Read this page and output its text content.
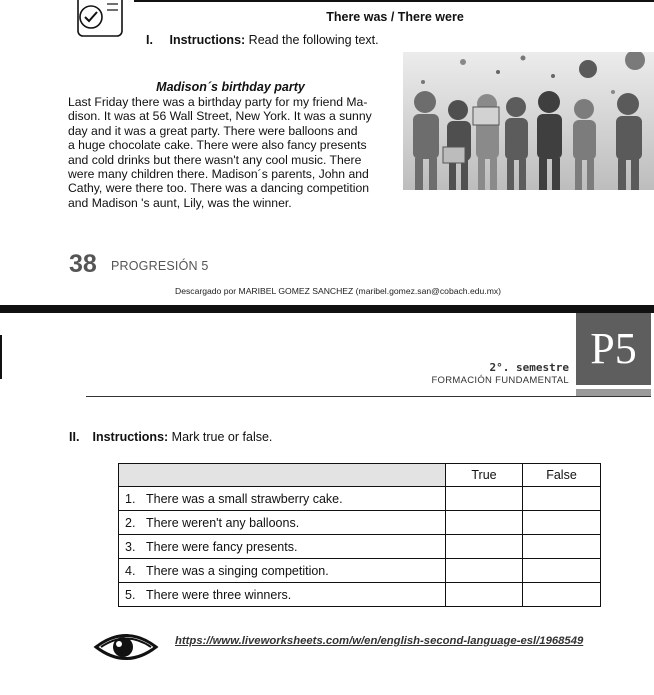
There was / There were
I. Instructions: Read the following text.
Madison´s birthday party
Last Friday there was a birthday party for my friend Ma-
dison. It was at 56 Wall Street, New York. It was a sunny
day and it was a great party. There were balloons and
a huge chocolate cake. There were also fancy presents
and cold drinks but there wasn't any cool music. There
were many children there. Madison´s parents, John and
Cathy, were there too. There was a dancing competition
and Madison 's aunt, Lily, was the winner.
38 PROGRESIÓN 5
Descargado por MARIBEL GOMEZ SANCHEZ (maribel.gomez.san@cobach.edu.mx)
P5
2°. semestre
FORMACIÓN FUNDAMENTAL
II. Instructions: Mark true or false.
	True	False
1. There was a small strawberry cake.		
2. There weren't any balloons.		
3. There were fancy presents.		
4. There was a singing competition.		
5. There were three winners.		
https://www.liveworksheets.com/w/en/english-second-language-esl/1968549
